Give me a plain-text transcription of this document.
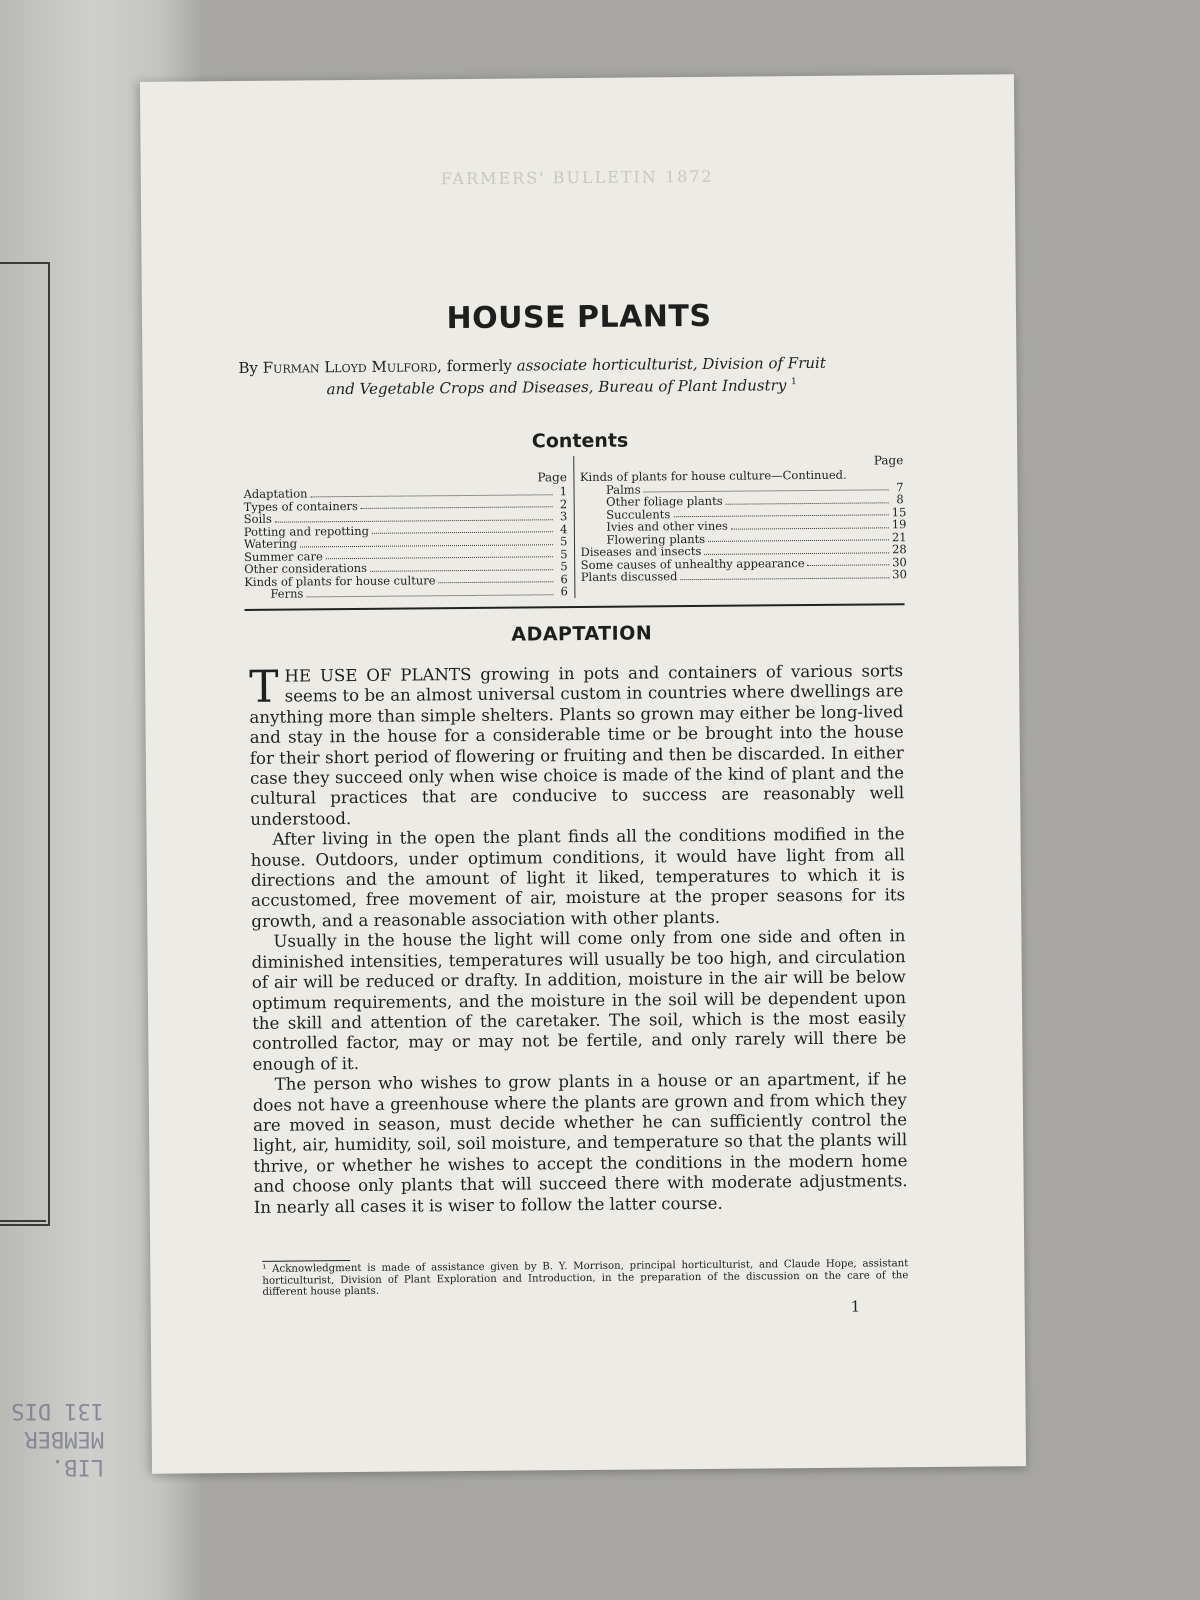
LIB. MEMBER 131 DIS
FARMERS' BULLETIN 1872
HOUSE PLANTS
By Furman Lloyd Mulford, formerly associate horticulturist, Division of Fruit
and Vegetable Crops and Diseases, Bureau of Plant Industry $^1$
Contents
Page
Adaptation	1
Types of containers	2
Soils	3
Potting and repotting	4
Watering	5
Summer care	5
Other considerations	5
Kinds of plants for house culture	6
Ferns	6
Page
Kinds of plants for house culture—Continued.
Palms	7
Other foliage plants	8
Succulents	15
Ivies and other vines	19
Flowering plants	21
Diseases and insects	28
Some causes of unhealthy appearance	30
Plants discussed	30
ADAPTATION

THE USE OF PLANTS growing in pots and containers of various sorts seems to be an almost universal custom in countries where dwellings are anything more than simple shelters. Plants so grown may either be long-lived and stay in the house for a considerable time or be brought into the house for their short period of flowering or fruiting and then be discarded. In either case they succeed only when wise choice is made of the kind of plant and the cultural practices that are conducive to success are reasonably well understood.

After living in the open the plant finds all the conditions modified in the house. Outdoors, under optimum conditions, it would have light from all directions and the amount of light it liked, temperatures to which it is accustomed, free movement of air, moisture at the proper seasons for its growth, and a reasonable association with other plants.

Usually in the house the light will come only from one side and often in diminished intensities, temperatures will usually be too high, and circulation of air will be reduced or drafty. In addition, moisture in the air will be below optimum requirements, and the moisture in the soil will be dependent upon the skill and attention of the caretaker. The soil, which is the most easily controlled factor, may or may not be fertile, and only rarely will there be enough of it.

The person who wishes to grow plants in a house or an apartment, if he does not have a greenhouse where the plants are grown and from which they are moved in season, must decide whether he can sufficiently control the light, air, humidity, soil, soil moisture, and temperature so that the plants will thrive, or whether he wishes to accept the conditions in the modern home and choose only plants that will succeed there with moderate adjustments. In nearly all cases it is wiser to follow the latter course.

¹ Acknowledgment is made of assistance given by B. Y. Morrison, principal horticulturist, and Claude Hope, assistant horticulturist, Division of Plant Exploration and Introduction, in the preparation of the discussion on the care of the different house plants.
1
